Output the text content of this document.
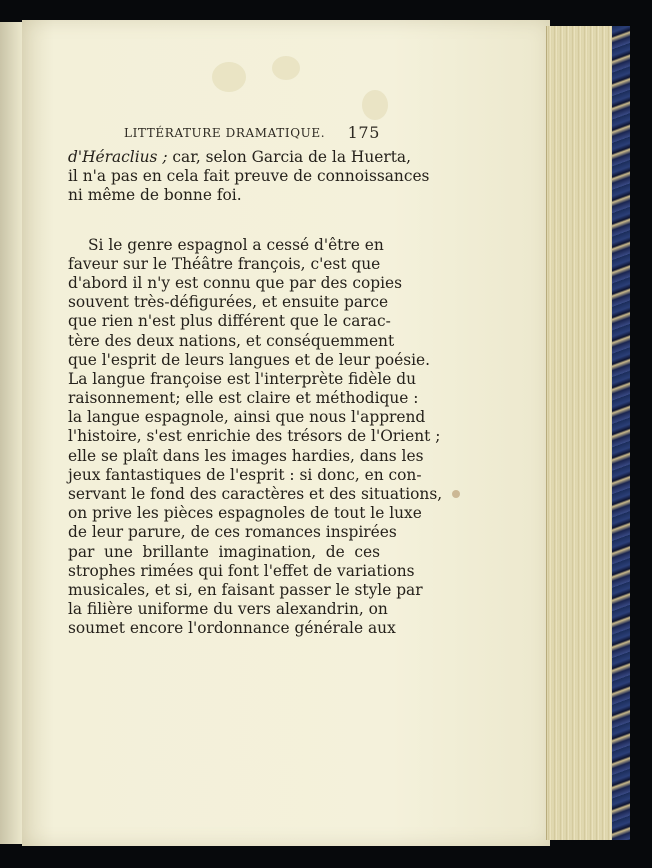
LITTÉRATURE DRAMATIQUE. 175
d'Héraclius ; car, selon Garcia de la Huerta,
il n'a pas en cela fait preuve de connoissances
ni même de bonne foi.
Si le genre espagnol a cessé d'être en
faveur sur le Théâtre françois, c'est que
d'abord il n'y est connu que par des copies
souvent très-défigurées, et ensuite parce
que rien n'est plus différent que le carac-
tère des deux nations, et conséquemment
que l'esprit de leurs langues et de leur poésie.
La langue françoise est l'interprète fidèle du
raisonnement; elle est claire et méthodique :
la langue espagnole, ainsi que nous l'apprend
l'histoire, s'est enrichie des trésors de l'Orient ;
elle se plaît dans les images hardies, dans les
jeux fantastiques de l'esprit : si donc, en con-
servant le fond des caractères et des situations,
on prive les pièces espagnoles de tout le luxe
de leur parure, de ces romances inspirées
par une brillante imagination, de ces
strophes rimées qui font l'effet de variations
musicales, et si, en faisant passer le style par
la filière uniforme du vers alexandrin, on
soumet encore l'ordonnance générale aux
